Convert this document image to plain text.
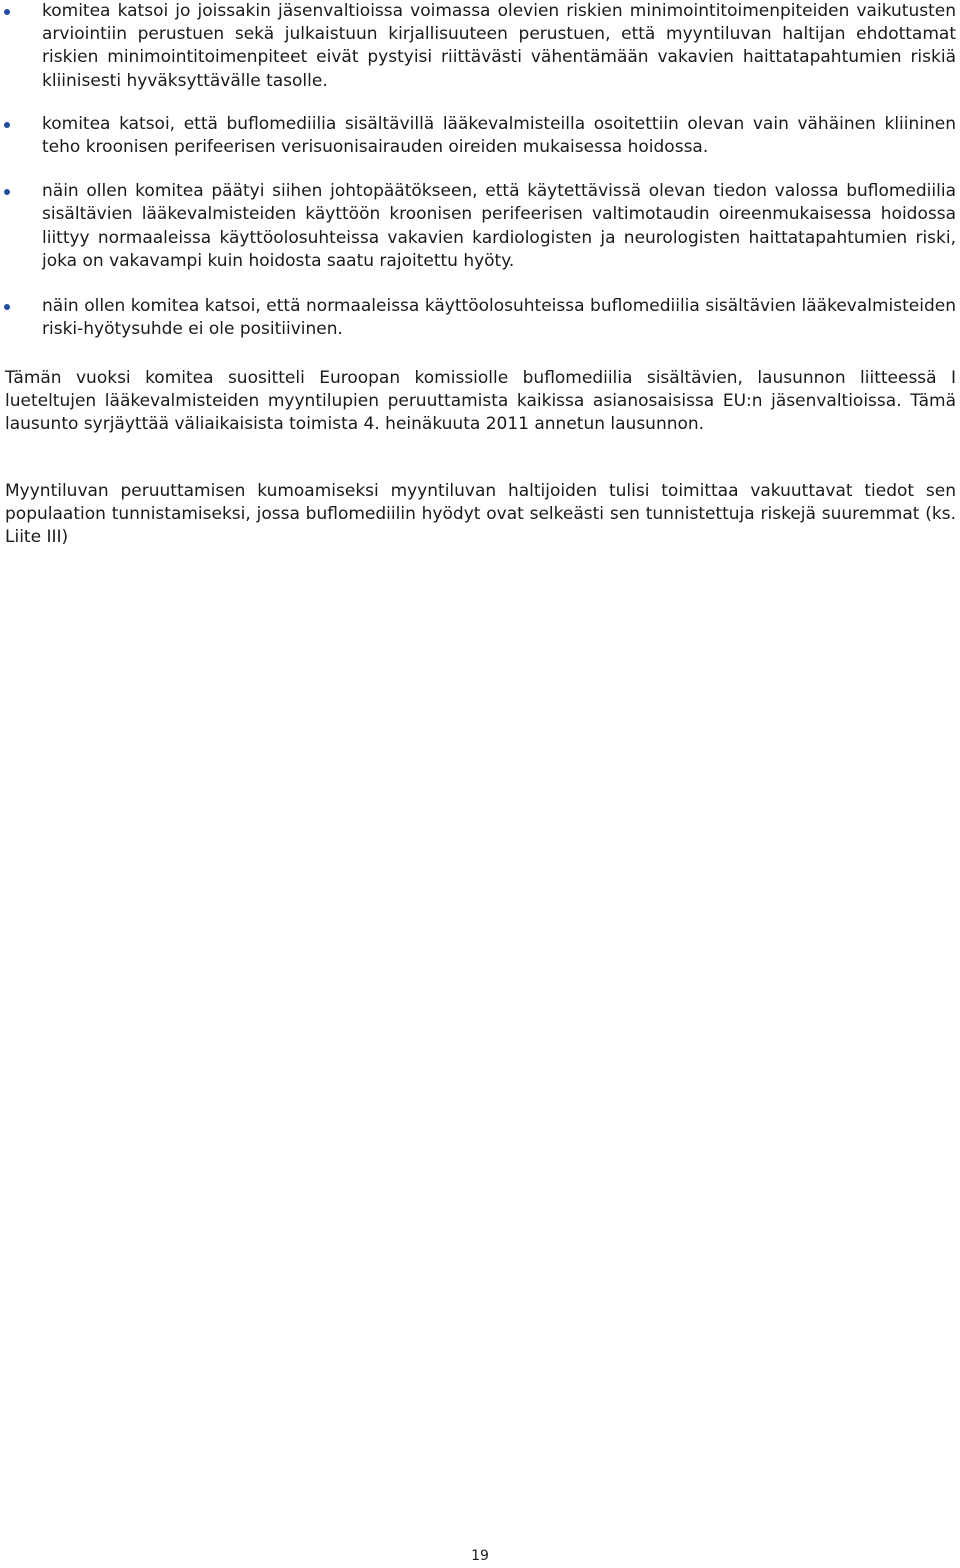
komitea katsoi jo joissakin jäsenvaltioissa voimassa olevien riskien minimointitoimenpiteiden vaikutusten arviointiin perustuen sekä julkaistuun kirjallisuuteen perustuen, että myyntiluvan haltijan ehdottamat riskien minimointitoimenpiteet eivät pystyisi riittävästi vähentämään vakavien haittatapahtumien riskiä kliinisesti hyväksyttävälle tasolle.
komitea katsoi, että buflomediilia sisältävillä lääkevalmisteilla osoitettiin olevan vain vähäinen kliininen teho kroonisen perifeerisen verisuonisairauden oireiden mukaisessa hoidossa.
näin ollen komitea päätyi siihen johtopäätökseen, että käytettävissä olevan tiedon valossa buflomediilia sisältävien lääkevalmisteiden käyttöön kroonisen perifeerisen valtimotaudin oireenmukaisessa hoidossa liittyy normaaleissa käyttöolosuhteissa vakavien kardiologisten ja neurologisten haittatapahtumien riski, joka on vakavampi kuin hoidosta saatu rajoitettu hyöty.
näin ollen komitea katsoi, että normaaleissa käyttöolosuhteissa buflomediilia sisältävien lääkevalmisteiden riski-hyötysuhde ei ole positiivinen.

Tämän vuoksi komitea suositteli Euroopan komissiolle buflomediilia sisältävien, lausunnon liitteessä I lueteltujen lääkevalmisteiden myyntilupien peruuttamista kaikissa asianosaisissa EU:n jäsenvaltioissa. Tämä lausunto syrjäyttää väliaikaisista toimista 4. heinäkuuta 2011 annetun lausunnon.

Myyntiluvan peruuttamisen kumoamiseksi myyntiluvan haltijoiden tulisi toimittaa vakuuttavat tiedot sen populaation tunnistamiseksi, jossa buflomediilin hyödyt ovat selkeästi sen tunnistettuja riskejä suuremmat (ks. Liite III)

19
